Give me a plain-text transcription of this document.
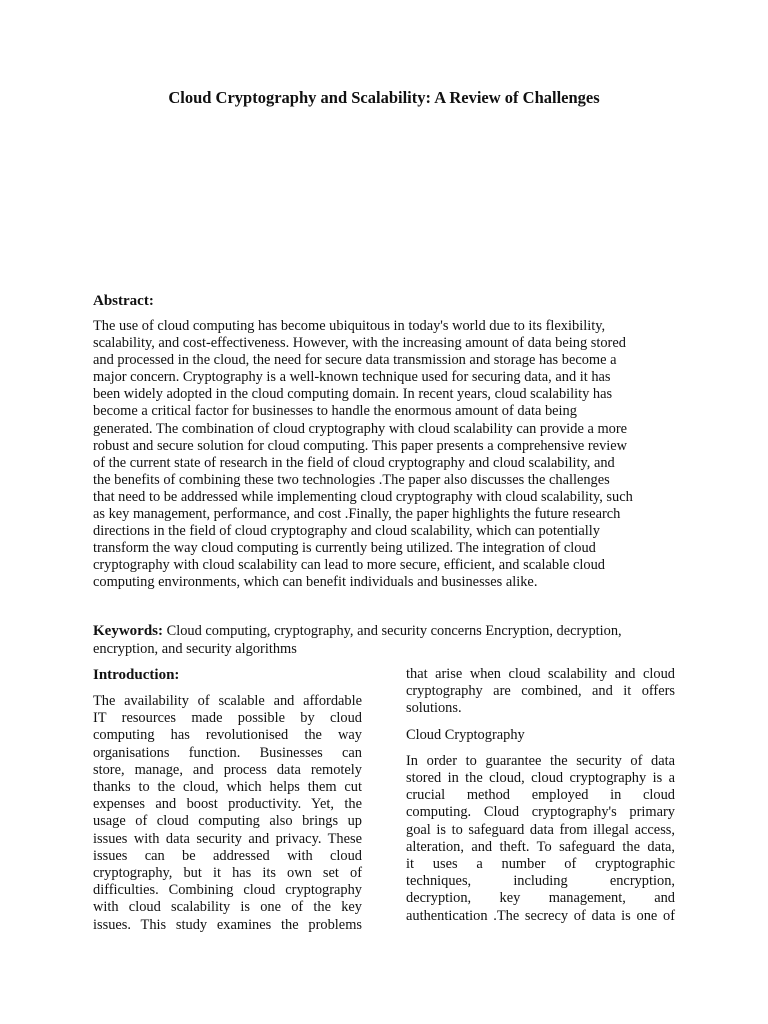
Cloud Cryptography and Scalability: A Review of Challenges
Abstract:
The use of cloud computing has become ubiquitous in today's world due to its flexibility,
scalability, and cost-effectiveness. However, with the increasing amount of data being stored
and processed in the cloud, the need for secure data transmission and storage has become a
major concern. Cryptography is a well-known technique used for securing data, and it has
been widely adopted in the cloud computing domain. In recent years, cloud scalability has
become a critical factor for businesses to handle the enormous amount of data being
generated. The combination of cloud cryptography with cloud scalability can provide a more
robust and secure solution for cloud computing. This paper presents a comprehensive review
of the current state of research in the field of cloud cryptography and cloud scalability, and
the benefits of combining these two technologies .The paper also discusses the challenges
that need to be addressed while implementing cloud cryptography with cloud scalability, such
as key management, performance, and cost .Finally, the paper highlights the future research
directions in the field of cloud cryptography and cloud scalability, which can potentially
transform the way cloud computing is currently being utilized. The integration of cloud
cryptography with cloud scalability can lead to more secure, efficient, and scalable cloud
computing environments, which can benefit individuals and businesses alike.
Keywords: Cloud computing, cryptography, and security concerns Encryption, decryption, encryption, and security algorithms
Introduction:
The availability of scalable and affordable
IT resources made possible by cloud
computing has revolutionised the way
organisations function. Businesses can
store, manage, and process data remotely
thanks to the cloud, which helps them cut
expenses and boost productivity. Yet, the
usage of cloud computing also brings up
issues with data security and privacy. These
issues can be addressed with cloud
cryptography, but it has its own set of
difficulties. Combining cloud cryptography
with cloud scalability is one of the key
issues. This study examines the problems
that arise when cloud scalability and cloud
cryptography are combined, and it offers
solutions.
Cloud Cryptography
In order to guarantee the security of data
stored in the cloud, cloud cryptography is a
crucial method employed in cloud
computing. Cloud cryptography's primary
goal is to safeguard data from illegal access,
alteration, and theft. To safeguard the data,
it uses a number of cryptographic
techniques, including encryption,
decryption, key management, and
authentication .The secrecy of data is one of
